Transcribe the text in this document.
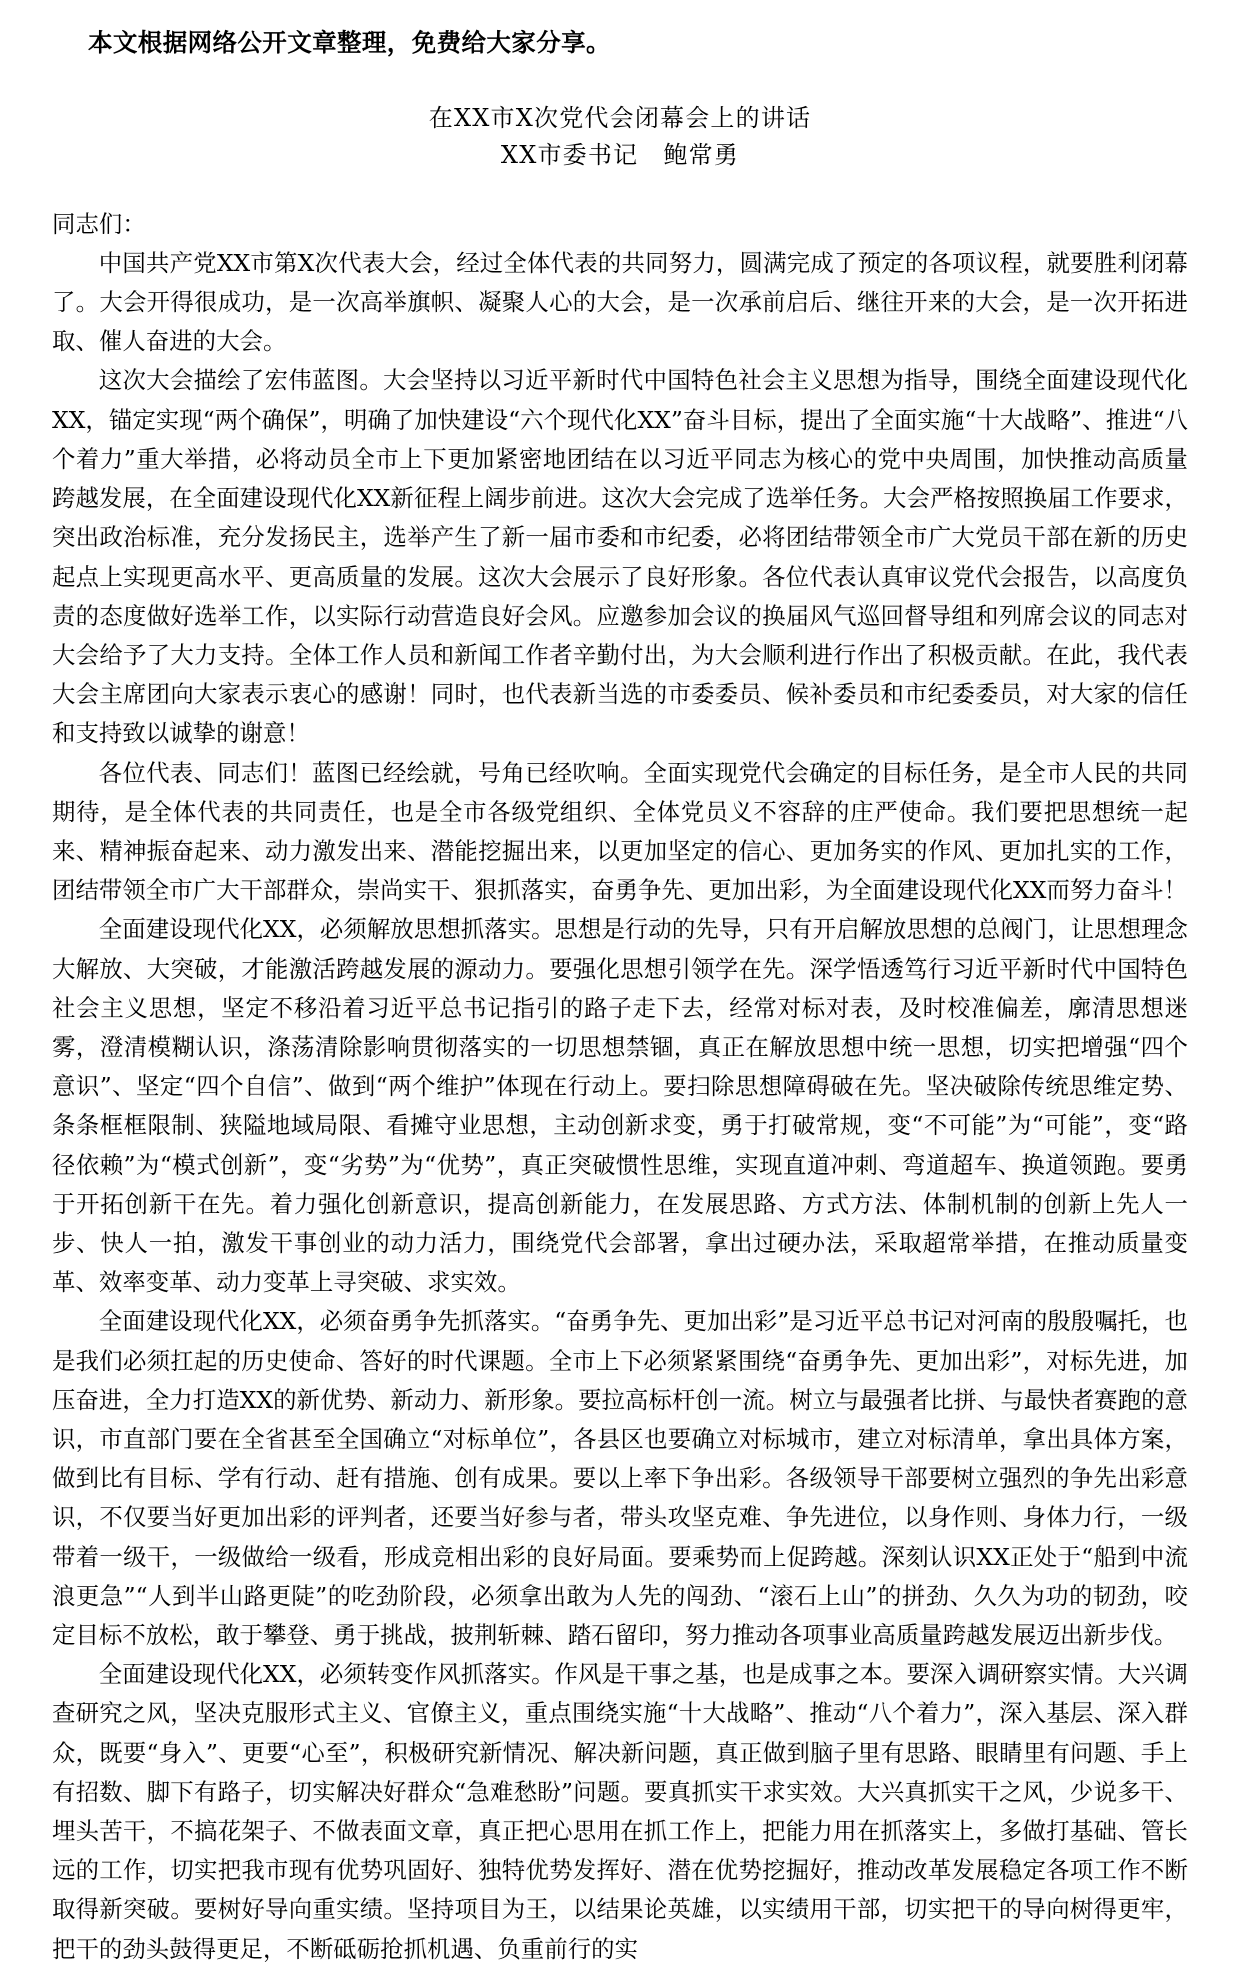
本文根据网络公开文章整理，免费给大家分享。
在XX市X次党代会闭幕会上的讲话
XX市委书记　鲍常勇

同志们：

中国共产党XX市第X次代表大会，经过全体代表的共同努力，圆满完成了预定的各项议程，就要胜利闭幕了。大会开得很成功，是一次高举旗帜、凝聚人心的大会，是一次承前启后、继往开来的大会，是一次开拓进取、催人奋进的大会。

这次大会描绘了宏伟蓝图。大会坚持以习近平新时代中国特色社会主义思想为指导，围绕全面建设现代化XX，锚定实现“两个确保”，明确了加快建设“六个现代化XX”奋斗目标，提出了全面实施“十大战略”、推进“八个着力”重大举措，必将动员全市上下更加紧密地团结在以习近平同志为核心的党中央周围，加快推动高质量跨越发展，在全面建设现代化XX新征程上阔步前进。这次大会完成了选举任务。大会严格按照换届工作要求，突出政治标准，充分发扬民主，选举产生了新一届市委和市纪委，必将团结带领全市广大党员干部在新的历史起点上实现更高水平、更高质量的发展。这次大会展示了良好形象。各位代表认真审议党代会报告，以高度负责的态度做好选举工作，以实际行动营造良好会风。应邀参加会议的换届风气巡回督导组和列席会议的同志对大会给予了大力支持。全体工作人员和新闻工作者辛勤付出，为大会顺利进行作出了积极贡献。在此，我代表大会主席团向大家表示衷心的感谢！同时，也代表新当选的市委委员、候补委员和市纪委委员，对大家的信任和支持致以诚挚的谢意！

各位代表、同志们！蓝图已经绘就，号角已经吹响。全面实现党代会确定的目标任务，是全市人民的共同期待，是全体代表的共同责任，也是全市各级党组织、全体党员义不容辞的庄严使命。我们要把思想统一起来、精神振奋起来、动力激发出来、潜能挖掘出来，以更加坚定的信心、更加务实的作风、更加扎实的工作，团结带领全市广大干部群众，崇尚实干、狠抓落实，奋勇争先、更加出彩，为全面建设现代化XX而努力奋斗！

全面建设现代化XX，必须解放思想抓落实。思想是行动的先导，只有开启解放思想的总阀门，让思想理念大解放、大突破，才能激活跨越发展的源动力。要强化思想引领学在先。深学悟透笃行习近平新时代中国特色社会主义思想，坚定不移沿着习近平总书记指引的路子走下去，经常对标对表，及时校准偏差，廓清思想迷雾，澄清模糊认识，涤荡清除影响贯彻落实的一切思想禁锢，真正在解放思想中统一思想，切实把增强“四个意识”、坚定“四个自信”、做到“两个维护”体现在行动上。要扫除思想障碍破在先。坚决破除传统思维定势、条条框框限制、狭隘地域局限、看摊守业思想，主动创新求变，勇于打破常规，变“不可能”为“可能”，变“路径依赖”为“模式创新”，变“劣势”为“优势”，真正突破惯性思维，实现直道冲刺、弯道超车、换道领跑。要勇于开拓创新干在先。着力强化创新意识，提高创新能力，在发展思路、方式方法、体制机制的创新上先人一步、快人一拍，激发干事创业的动力活力，围绕党代会部署，拿出过硬办法，采取超常举措，在推动质量变革、效率变革、动力变革上寻突破、求实效。

全面建设现代化XX，必须奋勇争先抓落实。“奋勇争先、更加出彩”是习近平总书记对河南的殷殷嘱托，也是我们必须扛起的历史使命、答好的时代课题。全市上下必须紧紧围绕“奋勇争先、更加出彩”，对标先进，加压奋进，全力打造XX的新优势、新动力、新形象。要拉高标杆创一流。树立与最强者比拼、与最快者赛跑的意识，市直部门要在全省甚至全国确立“对标单位”，各县区也要确立对标城市，建立对标清单，拿出具体方案，做到比有目标、学有行动、赶有措施、创有成果。要以上率下争出彩。各级领导干部要树立强烈的争先出彩意识，不仅要当好更加出彩的评判者，还要当好参与者，带头攻坚克难、争先进位，以身作则、身体力行，一级带着一级干，一级做给一级看，形成竞相出彩的良好局面。要乘势而上促跨越。深刻认识XX正处于“船到中流浪更急”“人到半山路更陡”的吃劲阶段，必须拿出敢为人先的闯劲、“滚石上山”的拼劲、久久为功的韧劲，咬定目标不放松，敢于攀登、勇于挑战，披荆斩棘、踏石留印，努力推动各项事业高质量跨越发展迈出新步伐。

全面建设现代化XX，必须转变作风抓落实。作风是干事之基，也是成事之本。要深入调研察实情。大兴调查研究之风，坚决克服形式主义、官僚主义，重点围绕实施“十大战略”、推动“八个着力”，深入基层、深入群众，既要“身入”、更要“心至”，积极研究新情况、解决新问题，真正做到脑子里有思路、眼睛里有问题、手上有招数、脚下有路子，切实解决好群众“急难愁盼”问题。要真抓实干求实效。大兴真抓实干之风，少说多干、埋头苦干，不搞花架子、不做表面文章，真正把心思用在抓工作上，把能力用在抓落实上，多做打基础、管长远的工作，切实把我市现有优势巩固好、独特优势发挥好、潜在优势挖掘好，推动改革发展稳定各项工作不断取得新突破。要树好导向重实绩。坚持项目为王，以结果论英雄，以实绩用干部，切实把干的导向树得更牢，把干的劲头鼓得更足，不断砥砺抢抓机遇、负重前行的实
